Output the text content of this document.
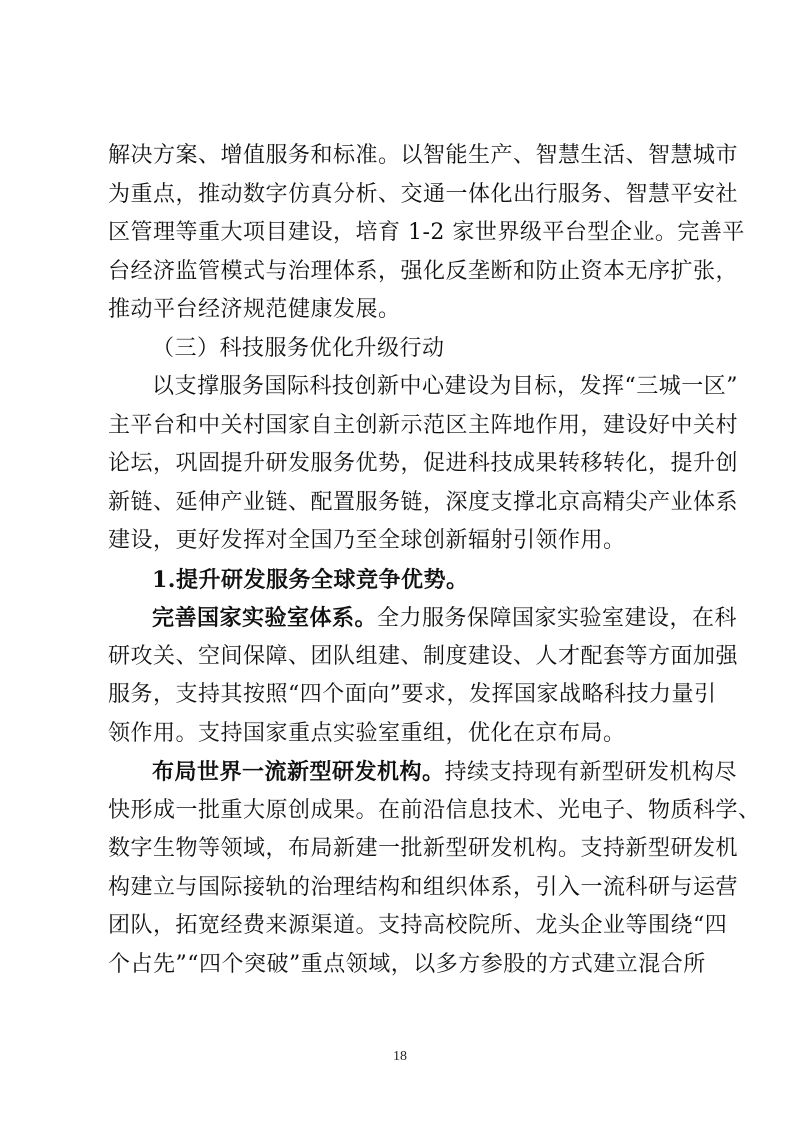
解决方案、增值服务和标准。以智能生产、智慧生活、智慧城市
为重点，推动数字仿真分析、交通一体化出行服务、智慧平安社
区管理等重大项目建设，培育 1-2 家世界级平台型企业。完善平
台经济监管模式与治理体系，强化反垄断和防止资本无序扩张，
推动平台经济规范健康发展。
（三）科技服务优化升级行动
以支撑服务国际科技创新中心建设为目标，发挥“三城一区”
主平台和中关村国家自主创新示范区主阵地作用，建设好中关村
论坛，巩固提升研发服务优势，促进科技成果转移转化，提升创
新链、延伸产业链、配置服务链，深度支撑北京高精尖产业体系
建设，更好发挥对全国乃至全球创新辐射引领作用。
1.提升研发服务全球竞争优势。
完善国家实验室体系。全力服务保障国家实验室建设，在科
研攻关、空间保障、团队组建、制度建设、人才配套等方面加强
服务，支持其按照“四个面向”要求，发挥国家战略科技力量引
领作用。支持国家重点实验室重组，优化在京布局。
布局世界一流新型研发机构。持续支持现有新型研发机构尽
快形成一批重大原创成果。在前沿信息技术、光电子、物质科学、
数字生物等领域，布局新建一批新型研发机构。支持新型研发机
构建立与国际接轨的治理结构和组织体系，引入一流科研与运营
团队，拓宽经费来源渠道。支持高校院所、龙头企业等围绕“四
个占先”“四个突破”重点领域，以多方参股的方式建立混合所
18
